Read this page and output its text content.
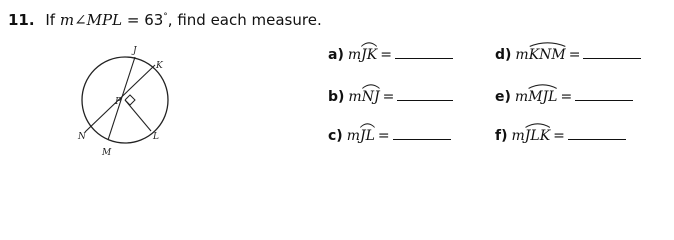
11. If m∠MPL = 63°, find each measure.
J
K
P
N	L
M
a) m
JK =
b) m
NJ =
c) m
JL =
d) m
KNM =
e) m
MJL =
f) m
JLK =
